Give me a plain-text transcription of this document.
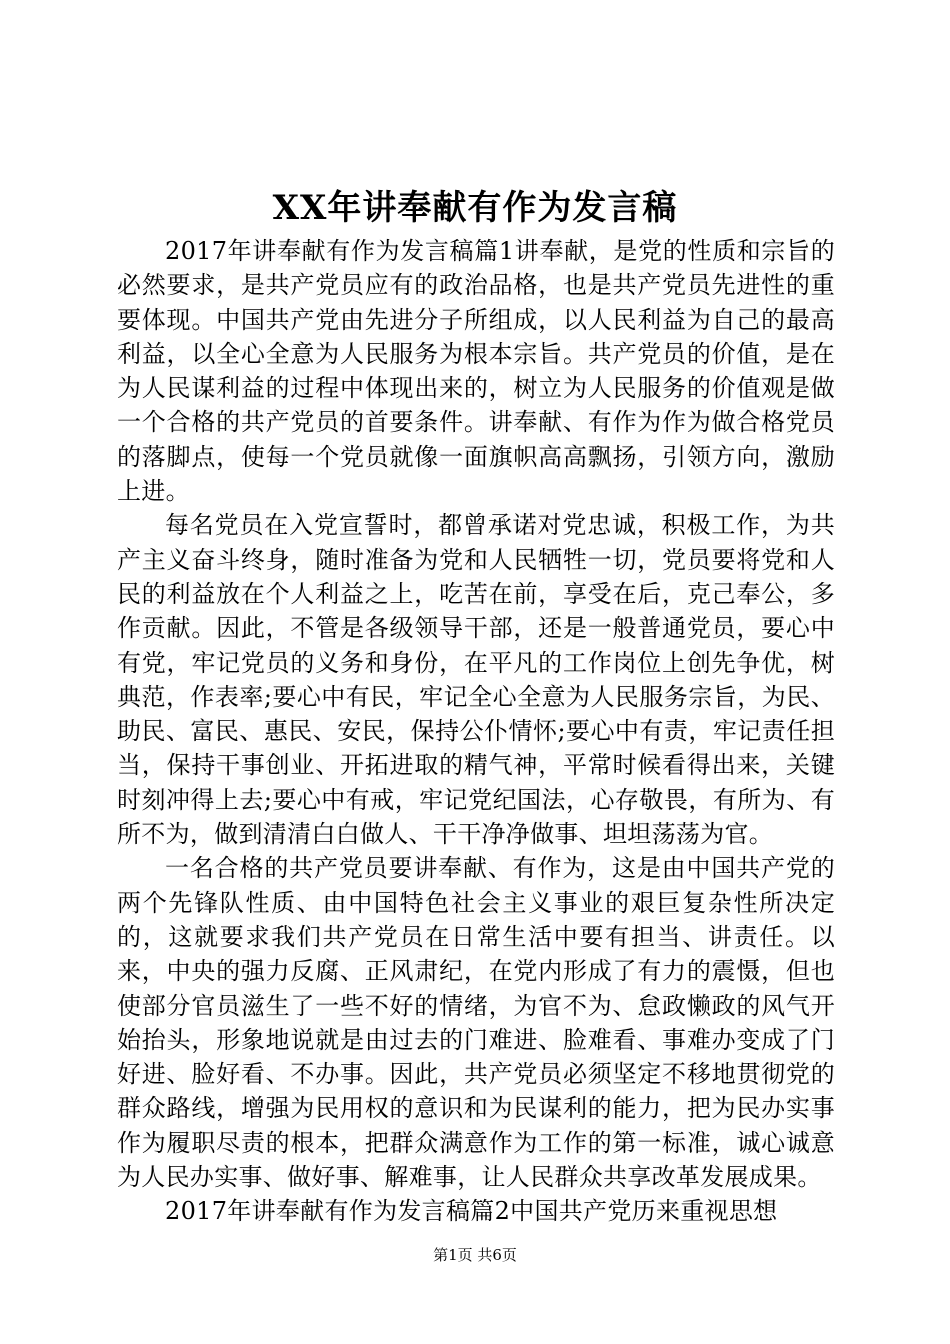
XX年讲奉献有作为发言稿

2017年讲奉献有作为发言稿篇1讲奉献，是党的性质和宗旨的必然要求，是共产党员应有的政治品格，也是共产党员先进性的重要体现。中国共产党由先进分子所组成，以人民利益为自己的最高利益，以全心全意为人民服务为根本宗旨。共产党员的价值，是在为人民谋利益的过程中体现出来的，树立为人民服务的价值观是做一个合格的共产党员的首要条件。讲奉献、有作为作为做合格党员的落脚点，使每一个党员就像一面旗帜高高飘扬，引领方向，激励上进。

每名党员在入党宣誓时，都曾承诺对党忠诚，积极工作，为共产主义奋斗终身，随时准备为党和人民牺牲一切，党员要将党和人民的利益放在个人利益之上，吃苦在前，享受在后，克己奉公，多作贡献。因此，不管是各级领导干部，还是一般普通党员，要心中有党，牢记党员的义务和身份，在平凡的工作岗位上创先争优，树典范，作表率;要心中有民，牢记全心全意为人民服务宗旨，为民、助民、富民、惠民、安民，保持公仆情怀;要心中有责，牢记责任担当，保持干事创业、开拓进取的精气神，平常时候看得出来，关键时刻冲得上去;要心中有戒，牢记党纪国法，心存敬畏，有所为、有所不为，做到清清白白做人、干干净净做事、坦坦荡荡为官。

一名合格的共产党员要讲奉献、有作为，这是由中国共产党的两个先锋队性质、由中国特色社会主义事业的艰巨复杂性所决定的，这就要求我们共产党员在日常生活中要有担当、讲责任。以来，中央的强力反腐、正风肃纪，在党内形成了有力的震慑，但也使部分官员滋生了一些不好的情绪，为官不为、怠政懒政的风气开始抬头，形象地说就是由过去的门难进、脸难看、事难办变成了门好进、脸好看、不办事。因此，共产党员必须坚定不移地贯彻党的群众路线，增强为民用权的意识和为民谋利的能力，把为民办实事作为履职尽责的根本，把群众满意作为工作的第一标准，诚心诚意为人民办实事、做好事、解难事，让人民群众共享改革发展成果。

2017年讲奉献有作为发言稿篇2中国共产党历来重视思想

第1页 共6页
